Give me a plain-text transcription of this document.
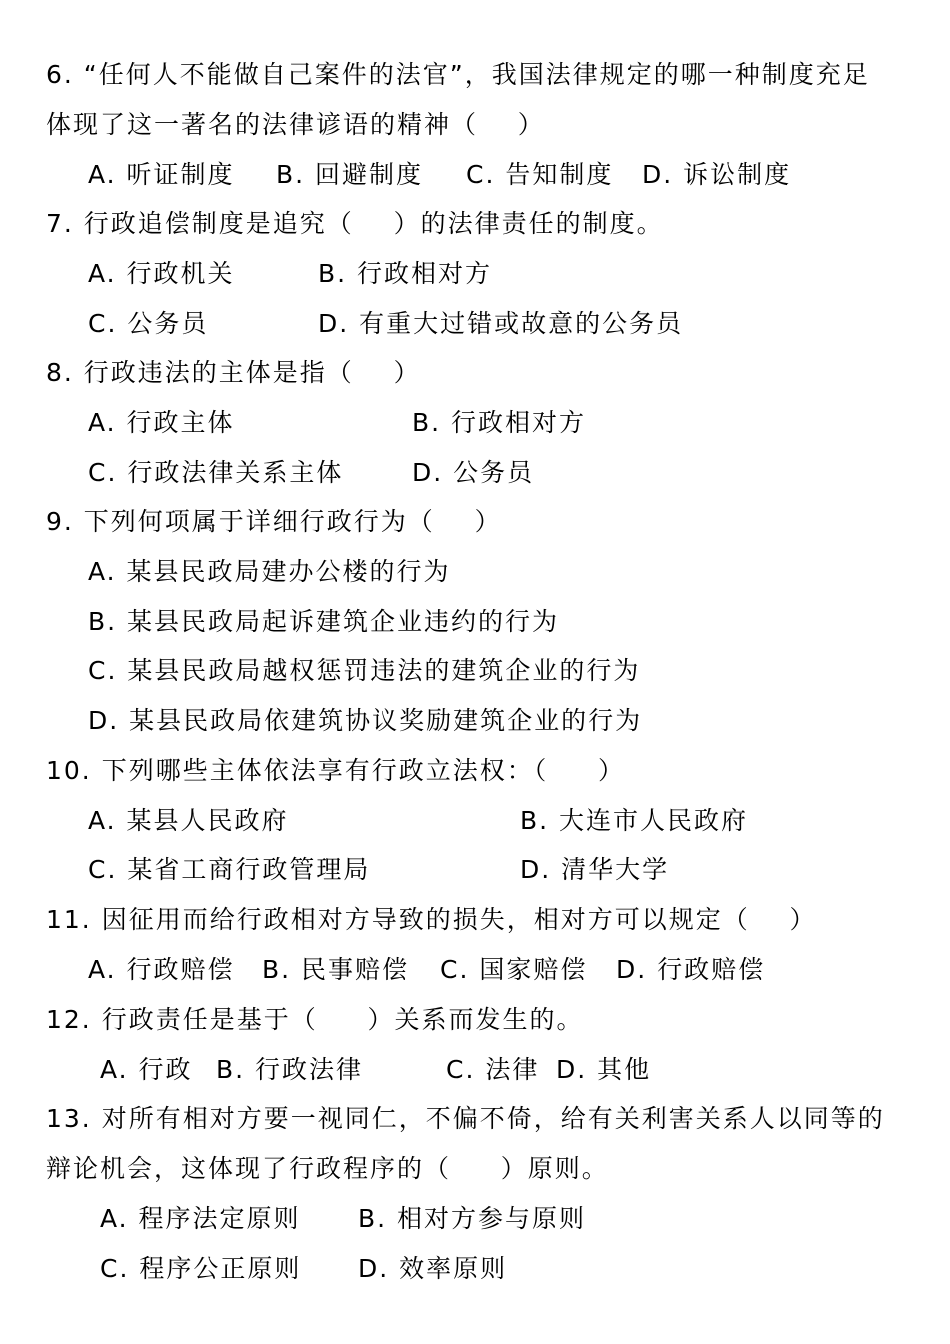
6. “任何人不能做自己案件的法官”，我国法律规定的哪一种制度充足
体现了这一著名的法律谚语的精神（    ）
A. 听证制度 B. 回避制度 C. 告知制度 D. 诉讼制度
7. 行政追偿制度是追究（    ）的法律责任的制度。
A. 行政机关	B. 行政相对方
C. 公务员	D. 有重大过错或故意的公务员
8. 行政违法的主体是指（    ）
A. 行政主体	B. 行政相对方
C. 行政法律关系主体	D. 公务员
9. 下列何项属于详细行政行为（    ）
A. 某县民政局建办公楼的行为
B. 某县民政局起诉建筑企业违约的行为
C. 某县民政局越权惩罚违法的建筑企业的行为
D. 某县民政局依建筑协议奖励建筑企业的行为
10. 下列哪些主体依法享有行政立法权：（     ）
A. 某县人民政府	B. 大连市人民政府
C. 某省工商行政管理局	D. 清华大学
11. 因征用而给行政相对方导致的损失，相对方可以规定（    ）
A. 行政赔偿 B. 民事赔偿 C. 国家赔偿 D. 行政赔偿
12. 行政责任是基于（     ）关系而发生的。
A. 行政 B. 行政法律	C. 法律 D. 其他
13. 对所有相对方要一视同仁，不偏不倚，给有关利害关系人以同等的
辩论机会，这体现了行政程序的（     ）原则。
A. 程序法定原则 B. 相对方参与原则
C. 程序公正原则 D. 效率原则
